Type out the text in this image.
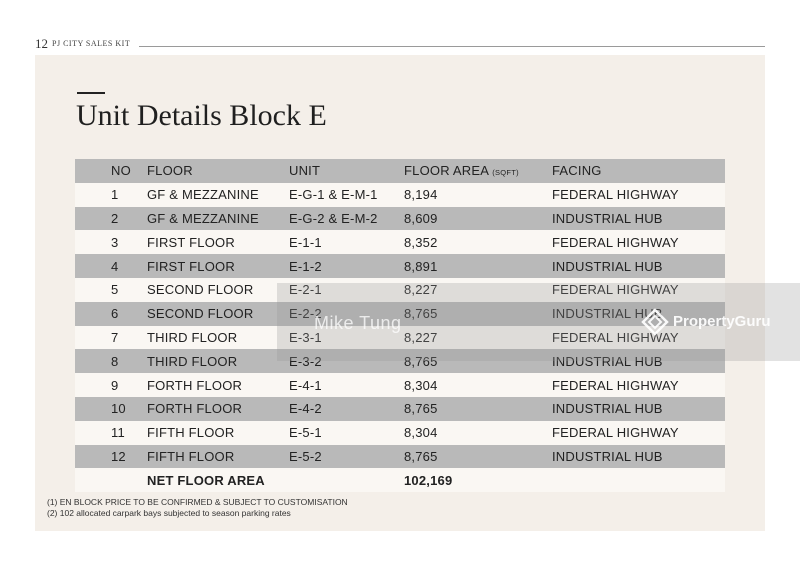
12 PJ CITY SALES KIT
Unit Details Block E
NO	FLOOR	UNIT	FLOOR AREA (SQFT)	FACING
1	GF & MEZZANINE	E-G-1 & E-M-1	8,194	FEDERAL HIGHWAY
2	GF & MEZZANINE	E-G-2 & E-M-2	8,609	INDUSTRIAL HUB
3	FIRST FLOOR	E-1-1	8,352	FEDERAL HIGHWAY
4	FIRST FLOOR	E-1-2	8,891	INDUSTRIAL HUB
5	SECOND FLOOR	E-2-1	8,227	FEDERAL HIGHWAY
6	SECOND FLOOR	E-2-2	8,765	INDUSTRIAL HUB
7	THIRD FLOOR	E-3-1	8,227	FEDERAL HIGHWAY
8	THIRD FLOOR	E-3-2	8,765	INDUSTRIAL HUB
9	FORTH FLOOR	E-4-1	8,304	FEDERAL HIGHWAY
10	FORTH FLOOR	E-4-2	8,765	INDUSTRIAL HUB
11	FIFTH FLOOR	E-5-1	8,304	FEDERAL HIGHWAY
12	FIFTH FLOOR	E-5-2	8,765	INDUSTRIAL HUB
	NET FLOOR AREA		102,169	
(1) EN BLOCK PRICE TO BE CONFIRMED & SUBJECT TO CUSTOMISATION
(2) 102 allocated carpark bays subjected to season parking rates
Mike Tung	PropertyGuru
